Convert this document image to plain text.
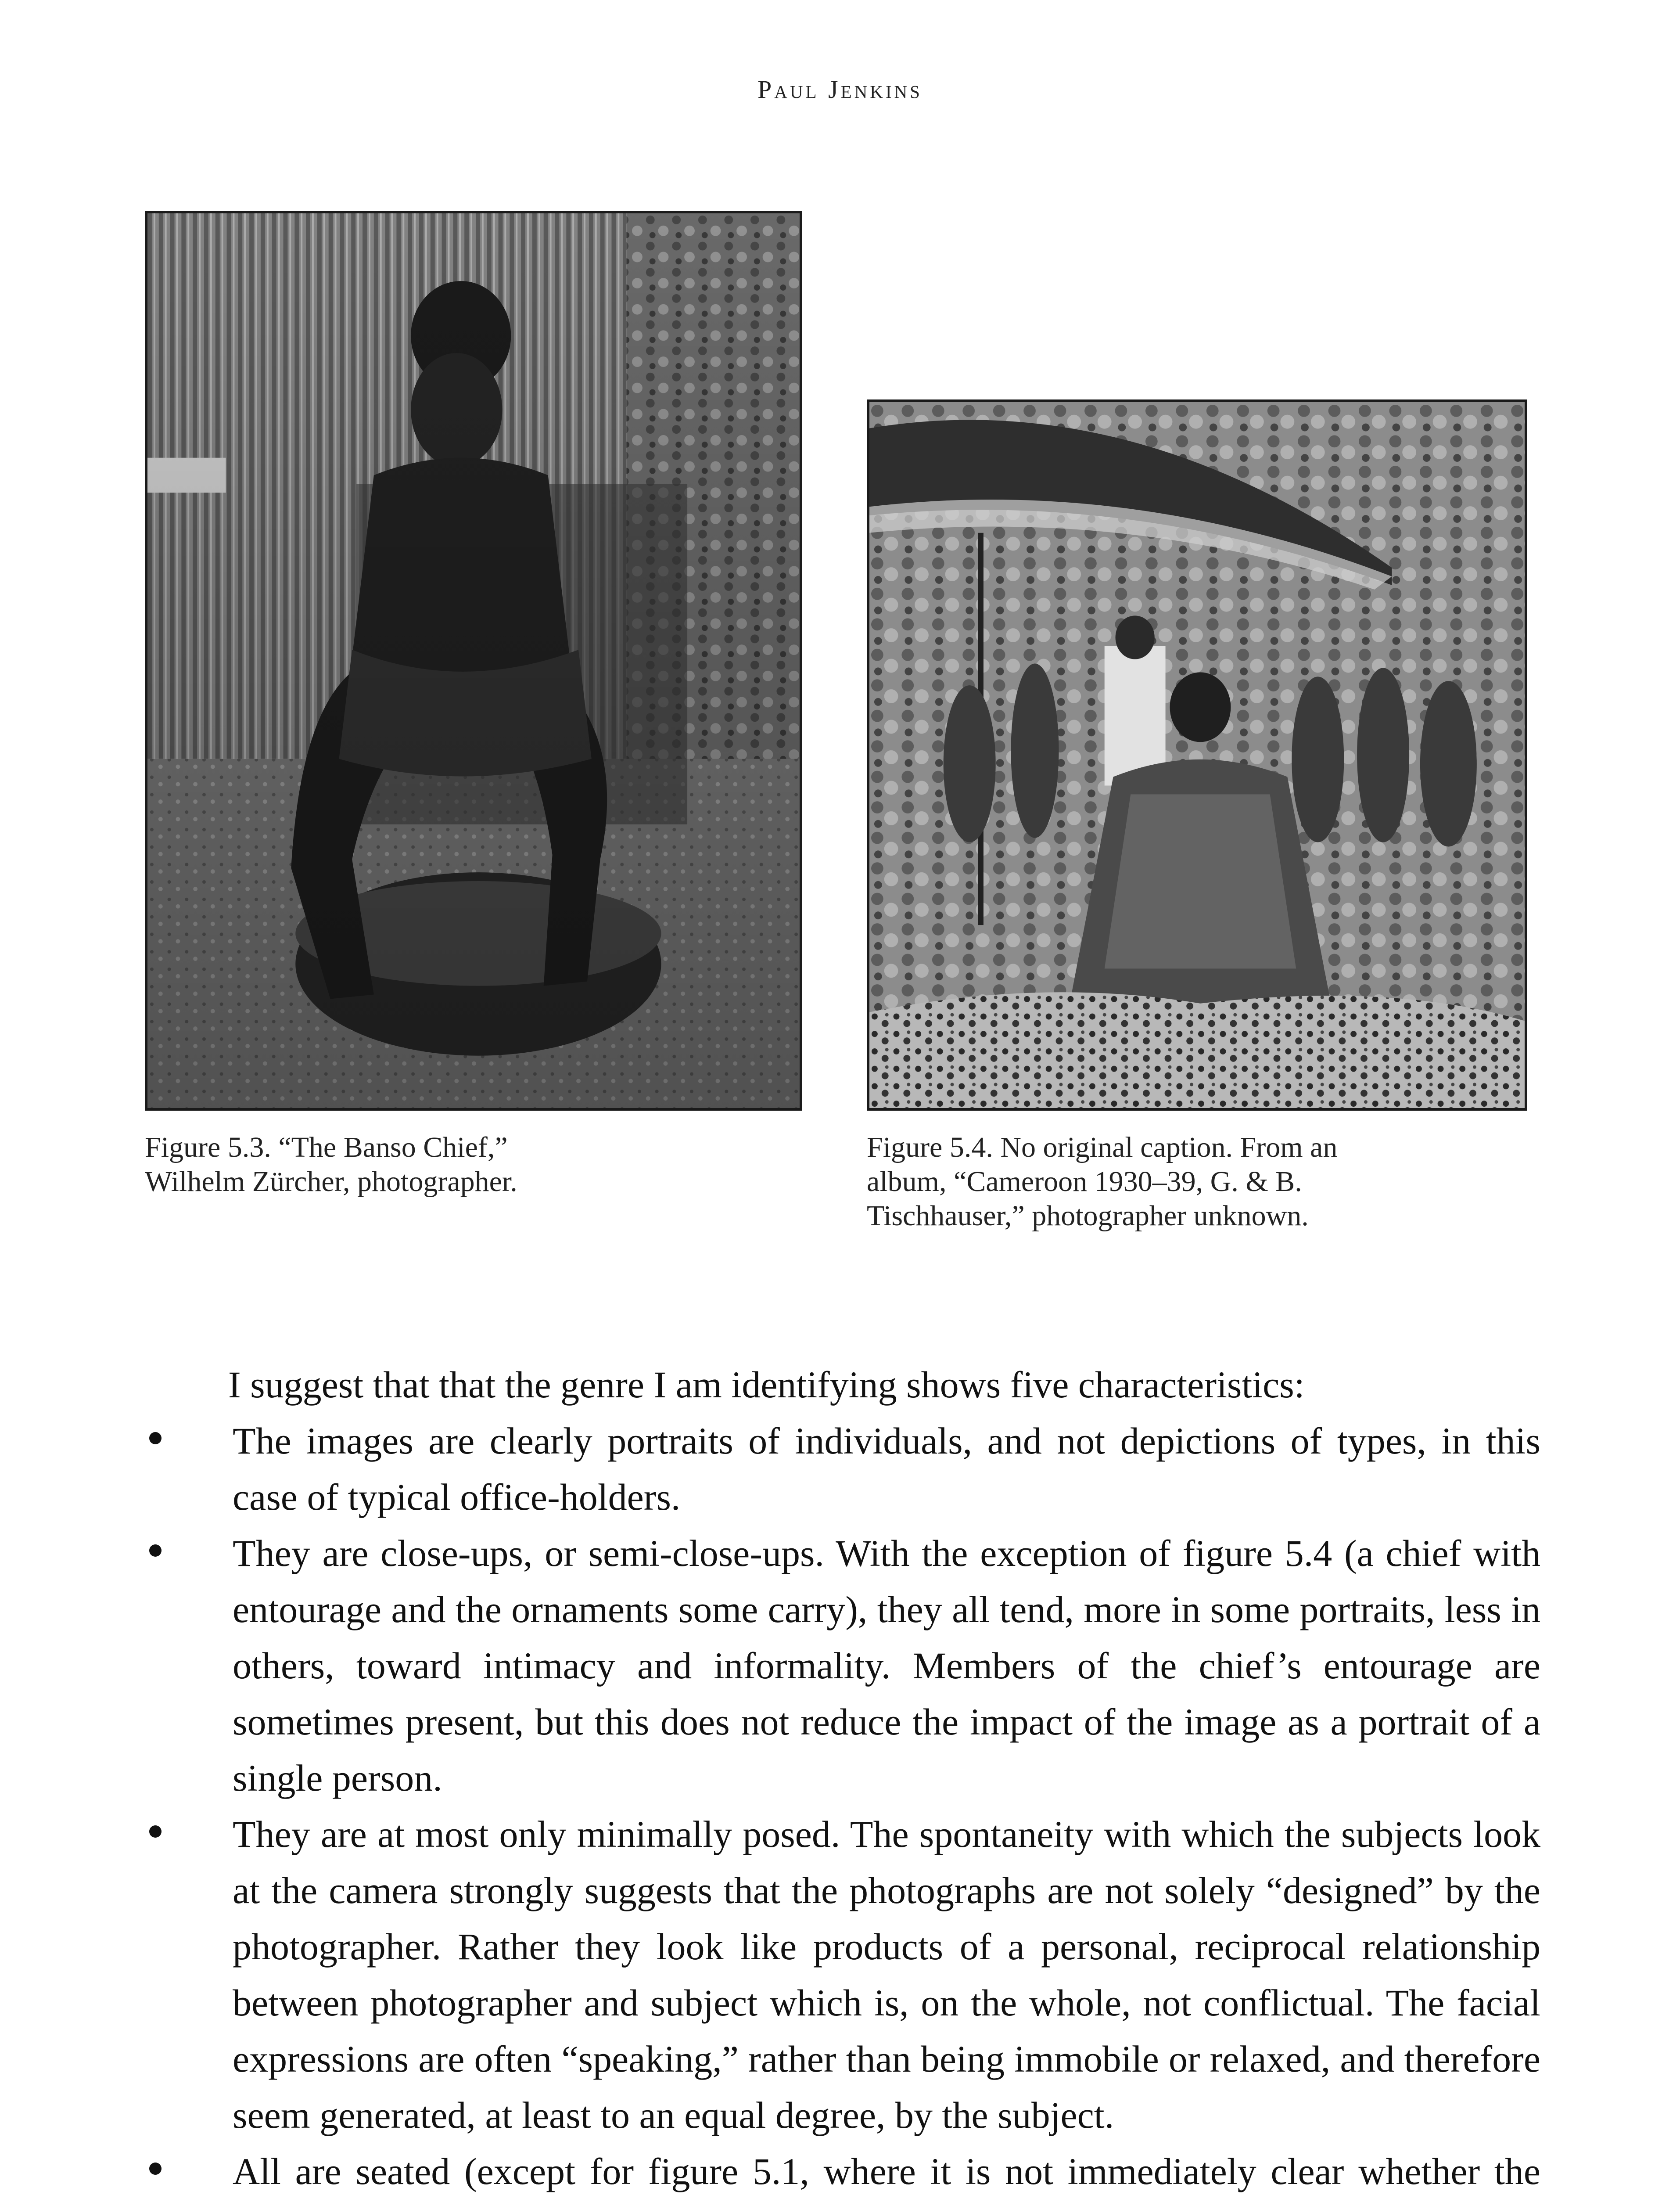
Paul Jenkins
Figure 5.3. “The Banso Chief,”
Wilhelm Zürcher, photographer.
Figure 5.4. No original caption. From an
album, “Cameroon 1930–39, G. & B.
Tischhauser,” photographer unknown.

I suggest that that the genre I am identifying shows five characteristics:

The images are clearly portraits of individuals, and not depictions of types, in this case of typical office-holders.

They are close-ups, or semi-close-ups. With the exception of figure 5.4 (a chief with entourage and the ornaments some carry), they all tend, more in some portraits, less in others, toward intimacy and informality. Members of the chief’s entourage are sometimes present, but this does not reduce the impact of the image as a portrait of a single person.

They are at most only minimally posed. The spontaneity with which the subjects look at the camera strongly suggests that the photographs are not solely “designed” by the photographer. Rather they look like products of a personal, reciprocal relationship between photographer and subject which is, on the whole, not conflictual. The facial expressions are often “speaking,” rather than being immobile or relaxed, and therefore seem generated, at least to an equal degree, by the subject.

All are seated (except for figure 5.1, where it is not immediately clear whether the
